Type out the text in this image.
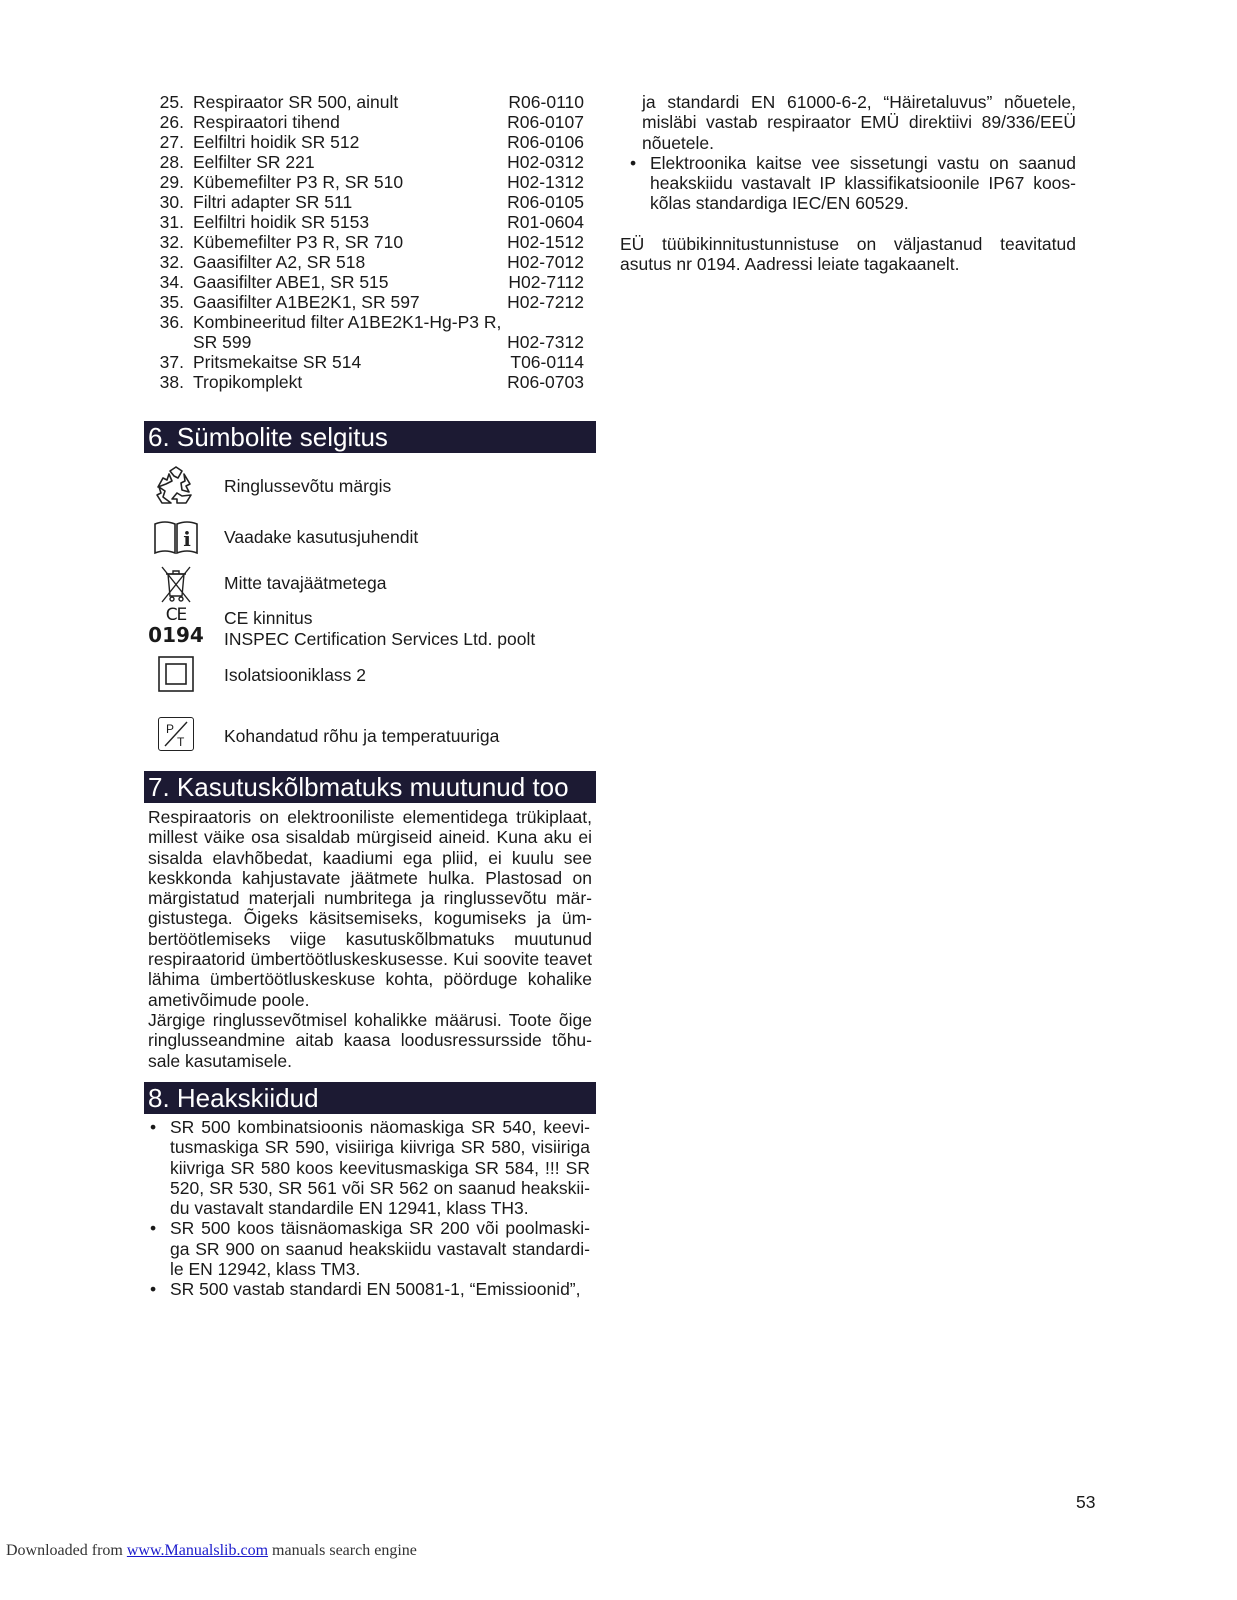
25. Respiraator SR 500, ainult	R06-0110
26. Respiraatori tihend	R06-0107
27. Eelfiltri hoidik SR 512	R06-0106
28. Eelfilter SR 221	H02-0312
29. Kübemefilter P3 R, SR 510	H02-1312
30. Filtri adapter SR 511	R06-0105
31. Eelfiltri hoidik SR 5153	R01-0604
32. Kübemefilter P3 R, SR 710	H02-1512
32. Gaasifilter A2, SR 518	H02-7012
34. Gaasifilter ABE1, SR 515	H02-7112
35. Gaasifilter A1BE2K1, SR 597	H02-7212
36. Kombineeritud filter A1BE2K1-Hg-P3 R, SR 599	H02-7312
37. Pritsmekaitse SR 514	T06-0114
38. Tropikomplekt	R06-0703
6. Sümbolite selgitus
Ringlussevõtu märgis
i Vaadake kasutusjuhendit
Mitte tavajäätmetega
CE
0194
CE kinnitus
INSPEC Certification Services Ltd. poolt
Isolatsiooniklass 2
P
T Kohandatud rõhu ja temperatuuriga
7. Kasutuskõlbmatuks muutunud too

Respiraatoris on elektrooniliste elementidega trükiplaat, millest väike osa sisaldab mürgiseid aineid. Kuna aku ei sisalda elavhõbedat, kaadiumi ega pliid, ei kuulu see keskkonda kahjustavate jäätmete hulka. Plastosad on märgistatud materjali numbritega ja ringlussevõtu märgistustega. Õigeks käsitsemiseks, kogumiseks ja ümbertöötlemiseks viige kasutuskõlbmatuks muutunud respiraatorid ümbertöötluskeskusesse. Kui soovite teavet lähima ümbertöötluskeskuse kohta, pöörduge kohalike ametivõimude poole.

Järgige ringlussevõtmisel kohalikke määrusi. Toote õige ringlusseandmine aitab kaasa loodusressursside tõhusale kasutamisele.

8. Heakskiidud
• SR 500 kombinatsioonis näomaskiga SR 540, keevitusmaskiga SR 590, visiiriga kiivriga SR 580, visiiriga kiivriga SR 580 koos keevitusmaskiga SR 584, !!! SR 520, SR 530, SR 561 või SR 562 on saanud heakskiidu vastavalt standardile EN 12941, klass TH3.
• SR 500 koos täisnäomaskiga SR 200 või poolmaskiga SR 900 on saanud heakskiidu vastavalt standardile EN 12942, klass TM3.
• SR 500 vastab standardi EN 50081-1, “Emissioonid”,
ja standardi EN 61000-6-2, “Häiretaluvus” nõuetele, misläbi vastab respiraator EMÜ direktiivi 89/336/EEÜ nõuetele.
• Elektroonika kaitse vee sissetungi vastu on saanud heakskiidu vastavalt IP klassifikatsioonile IP67 kooskõlas standardiga IEC/EN 60529.

EÜ tüübikinnitustunnistuse on väljastanud teavitatud asutus nr 0194. Aadressi leiate tagakaanelt.

53
Downloaded from www.Manualslib.com manuals search engine
